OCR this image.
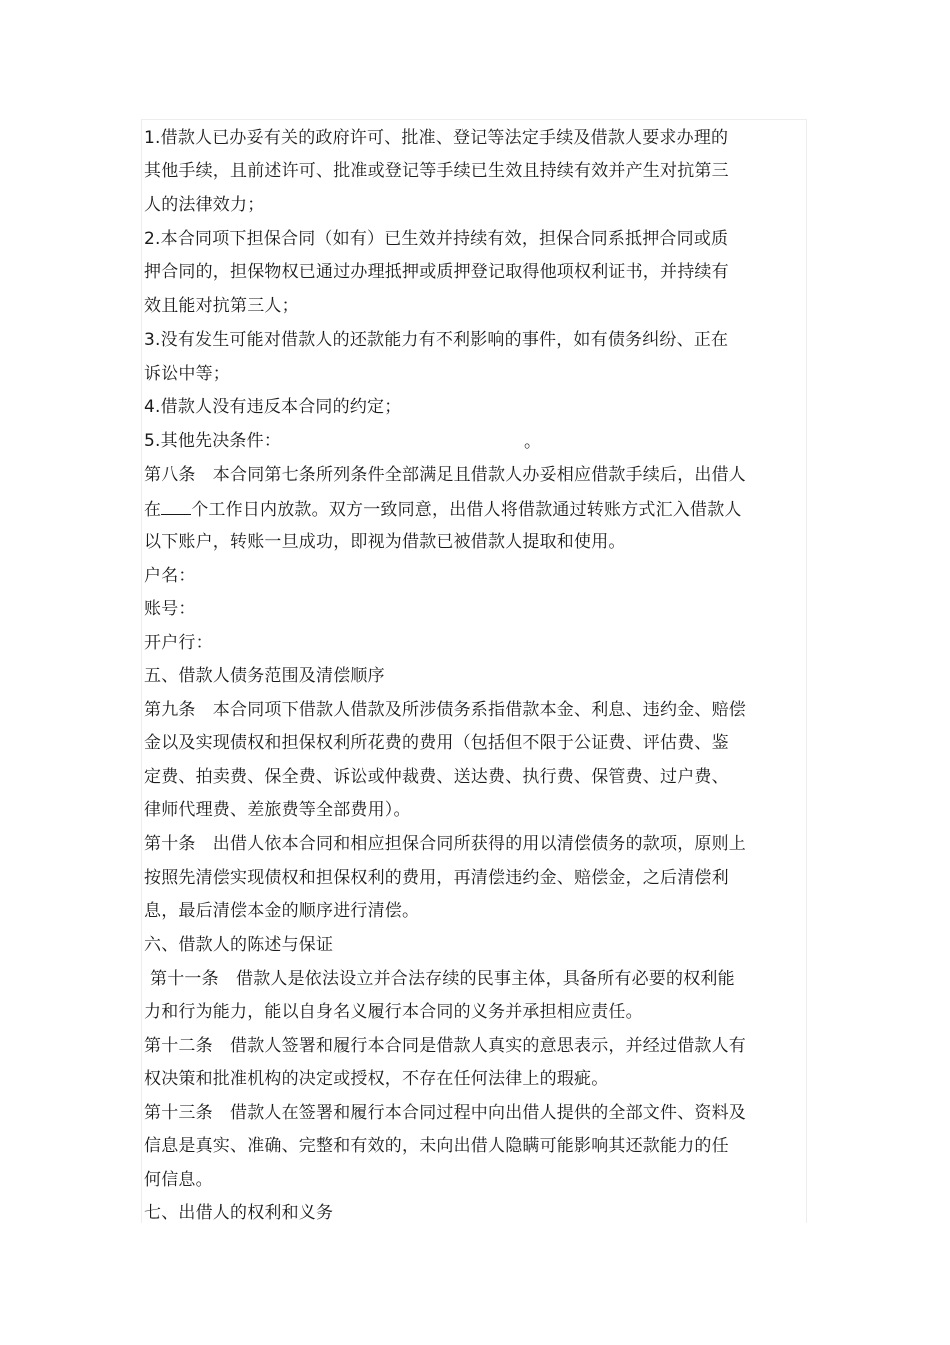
1.借款人已办妥有关的政府许可、批准、登记等法定手续及借款人要求办理的
其他手续，且前述许可、批准或登记等手续已生效且持续有效并产生对抗第三
人的法律效力；
2.本合同项下担保合同（如有）已生效并持续有效，担保合同系抵押合同或质
押合同的，担保物权已通过办理抵押或质押登记取得他项权利证书，并持续有
效且能对抗第三人；
3.没有发生可能对借款人的还款能力有不利影响的事件，如有债务纠纷、正在
诉讼中等；
4.借款人没有违反本合同的约定；
5.其他先决条件：	。
第八条　本合同第七条所列条件全部满足且借款人办妥相应借款手续后，出借人
在 个工作日内放款。双方一致同意，出借人将借款通过转账方式汇入借款人
以下账户，转账一旦成功，即视为借款已被借款人提取和使用。
户名：
账号：
开户行：
五、借款人债务范围及清偿顺序
第九条　本合同项下借款人借款及所涉债务系指借款本金、利息、违约金、赔偿
金以及实现债权和担保权利所花费的费用（包括但不限于公证费、评估费、鉴
定费、拍卖费、保全费、诉讼或仲裁费、送达费、执行费、保管费、过户费、
律师代理费、差旅费等全部费用）。
第十条　出借人依本合同和相应担保合同所获得的用以清偿债务的款项，原则上
按照先清偿实现债权和担保权利的费用，再清偿违约金、赔偿金，之后清偿利
息，最后清偿本金的顺序进行清偿。
六、借款人的陈述与保证
第十一条　借款人是依法设立并合法存续的民事主体，具备所有必要的权利能
力和行为能力，能以自身名义履行本合同的义务并承担相应责任。
第十二条　借款人签署和履行本合同是借款人真实的意思表示，并经过借款人有
权决策和批准机构的决定或授权，不存在任何法律上的瑕疵。
第十三条　借款人在签署和履行本合同过程中向出借人提供的全部文件、资料及
信息是真实、准确、完整和有效的，未向出借人隐瞒可能影响其还款能力的任
何信息。
七、出借人的权利和义务
